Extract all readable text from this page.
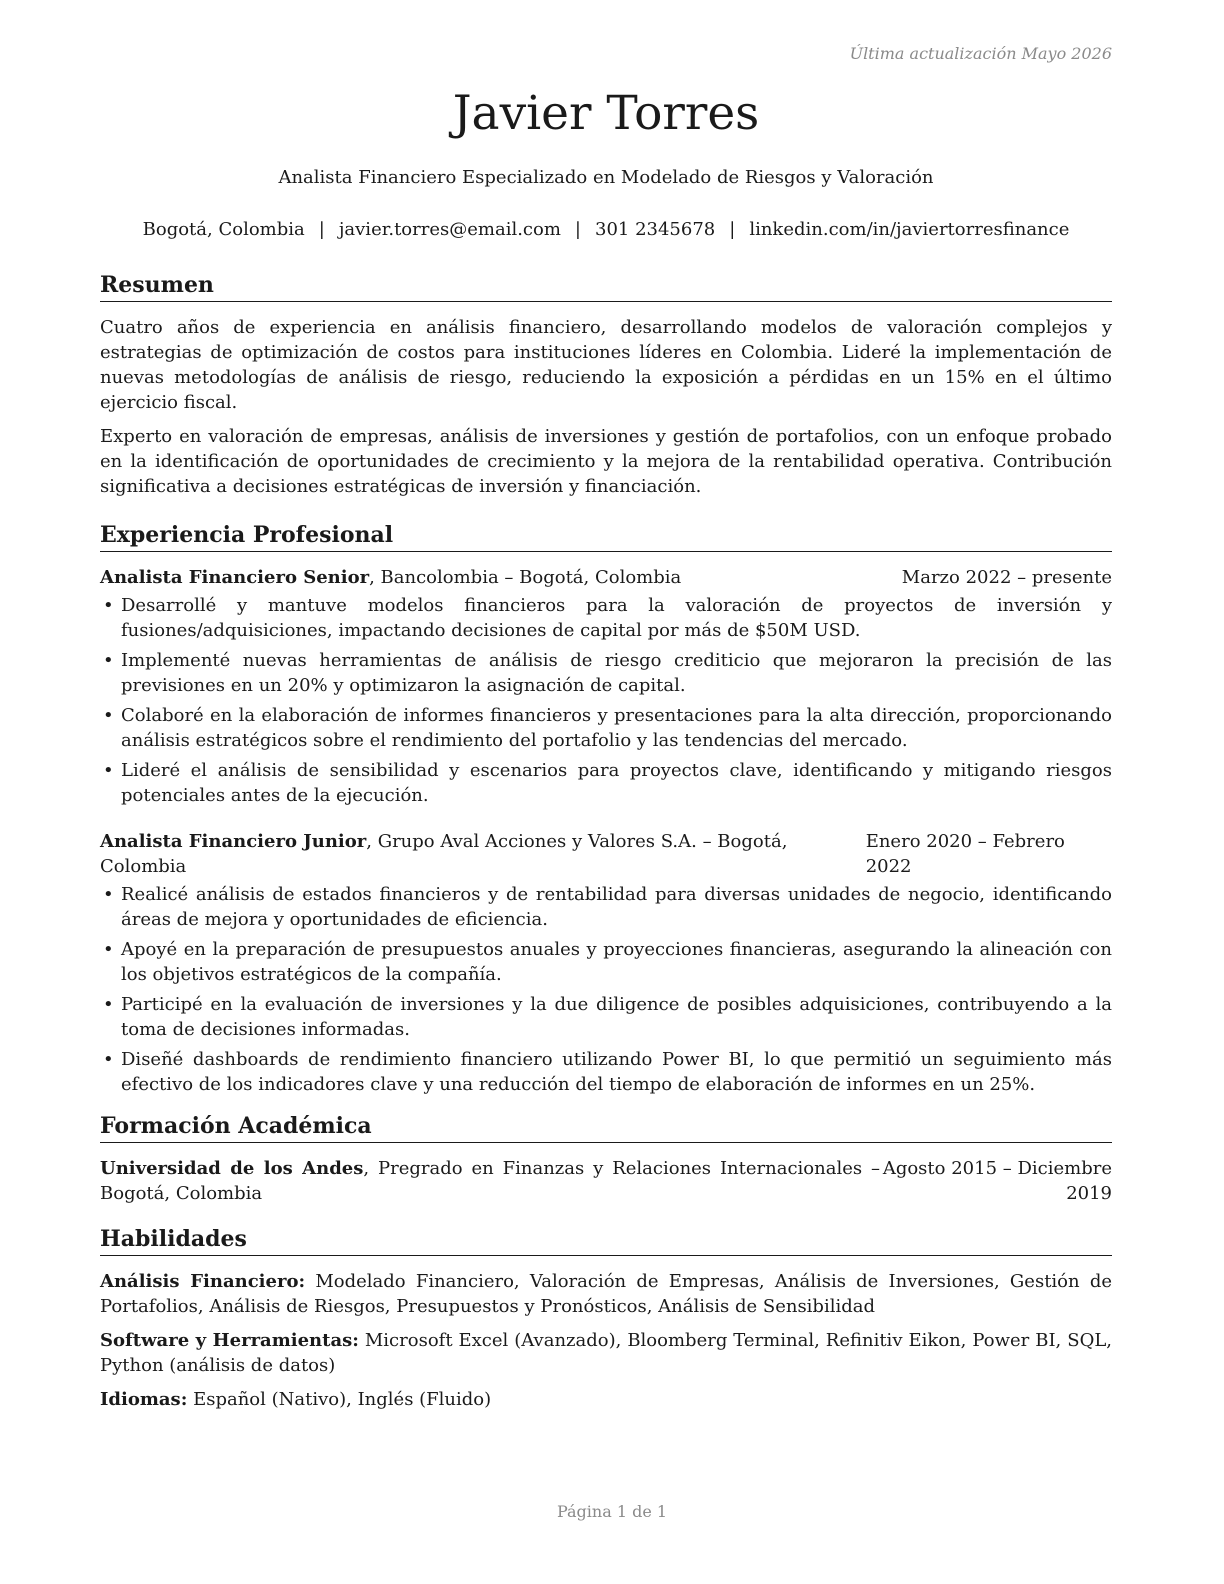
Última actualización Mayo 2026
Javier Torres
Analista Financiero Especializado en Modelado de Riesgos y Valoración
Bogotá, Colombia | javier.torres@email.com | 301 2345678 | linkedin.com/in/javiertorresfinance
Resumen

Cuatro años de experiencia en análisis financiero, desarrollando modelos de valoración complejos y estrategias de optimización de costos para instituciones líderes en Colombia. Lideré la implementación de nuevas metodologías de análisis de riesgo, reduciendo la exposición a pérdidas en un 15% en el último ejercicio fiscal.

Experto en valoración de empresas, análisis de inversiones y gestión de portafolios, con un enfoque probado en la identificación de oportunidades de crecimiento y la mejora de la rentabilidad operativa. Contribución significativa a decisiones estratégicas de inversión y financiación.

Experiencia Profesional
Analista Financiero Senior, Bancolombia – Bogotá, Colombia	Marzo 2022 – presente
• Desarrollé y mantuve modelos financieros para la valoración de proyectos de inversión y fusiones/adquisiciones, impactando decisiones de capital por más de $50M USD.
• Implementé nuevas herramientas de análisis de riesgo crediticio que mejoraron la precisión de las previsiones en un 20% y optimizaron la asignación de capital.
• Colaboré en la elaboración de informes financieros y presentaciones para la alta dirección, proporcionando análisis estratégicos sobre el rendimiento del portafolio y las tendencias del mercado.
• Lideré el análisis de sensibilidad y escenarios para proyectos clave, identificando y mitigando riesgos potenciales antes de la ejecución.
Analista Financiero Junior, Grupo Aval Acciones y Valores S.A. – Bogotá, Colombia
Enero 2020 – Febrero 2022
• Realicé análisis de estados financieros y de rentabilidad para diversas unidades de negocio, identificando áreas de mejora y oportunidades de eficiencia.
• Apoyé en la preparación de presupuestos anuales y proyecciones financieras, asegurando la alineación con los objetivos estratégicos de la compañía.
• Participé en la evaluación de inversiones y la due diligence de posibles adquisiciones, contribuyendo a la toma de decisiones informadas.
• Diseñé dashboards de rendimiento financiero utilizando Power BI, lo que permitió un seguimiento más efectivo de los indicadores clave y una reducción del tiempo de elaboración de informes en un 25%.
Formación Académica
Universidad de los Andes, Pregrado en Finanzas y Relaciones Internacionales – Bogotá, Colombia
Agosto 2015 – Diciembre 2019
Habilidades

Análisis Financiero: Modelado Financiero, Valoración de Empresas, Análisis de Inversiones, Gestión de Portafolios, Análisis de Riesgos, Presupuestos y Pronósticos, Análisis de Sensibilidad

Software y Herramientas: Microsoft Excel (Avanzado), Bloomberg Terminal, Refinitiv Eikon, Power BI, SQL, Python (análisis de datos)

Idiomas: Español (Nativo), Inglés (Fluido)

Página 1 de 1
